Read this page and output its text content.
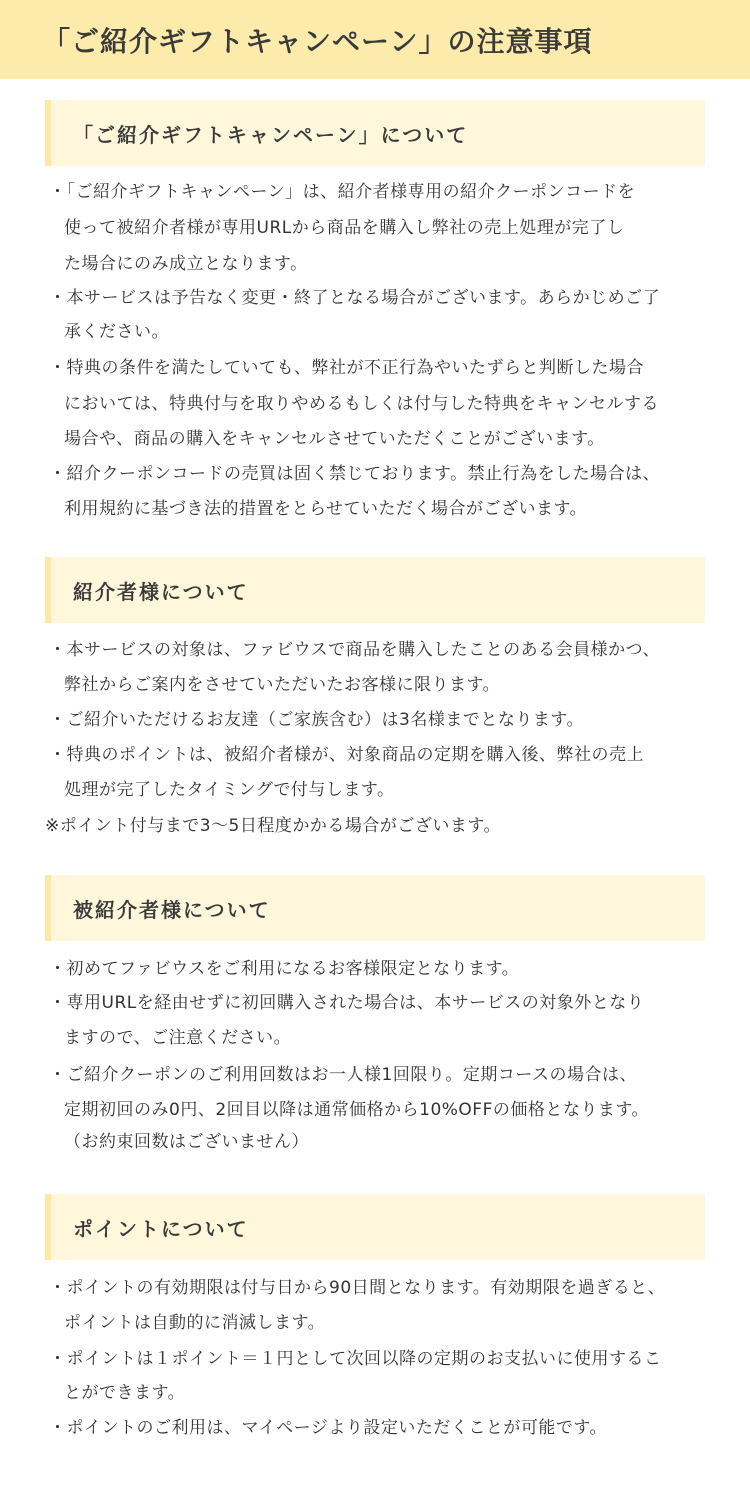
「ご紹介ギフトキャンペーン」の注意事項
「ご紹介ギフトキャンペーン」について

・「ご紹介ギフトキャンペーン」は、紹介者様専用の紹介クーポンコードを

使って被紹介者様が専用URLから商品を購入し弊社の売上処理が完了し

た場合にのみ成立となります。

・本サービスは予告なく変更・終了となる場合がございます。あらかじめご了

承ください。

・特典の条件を満たしていても、弊社が不正行為やいたずらと判断した場合

においては、特典付与を取りやめるもしくは付与した特典をキャンセルする

場合や、商品の購入をキャンセルさせていただくことがございます。

・紹介クーポンコードの売買は固く禁じております。禁止行為をした場合は、

利用規約に基づき法的措置をとらせていただく場合がございます。

紹介者様について

・本サービスの対象は、ファビウスで商品を購入したことのある会員様かつ、

弊社からご案内をさせていただいたお客様に限ります。

・ご紹介いただけるお友達（ご家族含む）は3名様までとなります。

・特典のポイントは、被紹介者様が、対象商品の定期を購入後、弊社の売上

処理が完了したタイミングで付与します。

※ポイント付与まで3〜5日程度かかる場合がございます。

被紹介者様について

・初めてファビウスをご利用になるお客様限定となります。

・専用URLを経由せずに初回購入された場合は、本サービスの対象外となり

ますので、ご注意ください。

・ご紹介クーポンのご利用回数はお一人様1回限り。定期コースの場合は、

定期初回のみ0円、2回目以降は通常価格から10%OFFの価格となります。

（お約束回数はございません）

ポイントについて

・ポイントの有効期限は付与日から90日間となります。有効期限を過ぎると、

ポイントは自動的に消滅します。

・ポイントは１ポイント＝１円として次回以降の定期のお支払いに使用するこ

とができます。

・ポイントのご利用は、マイページより設定いただくことが可能です。
